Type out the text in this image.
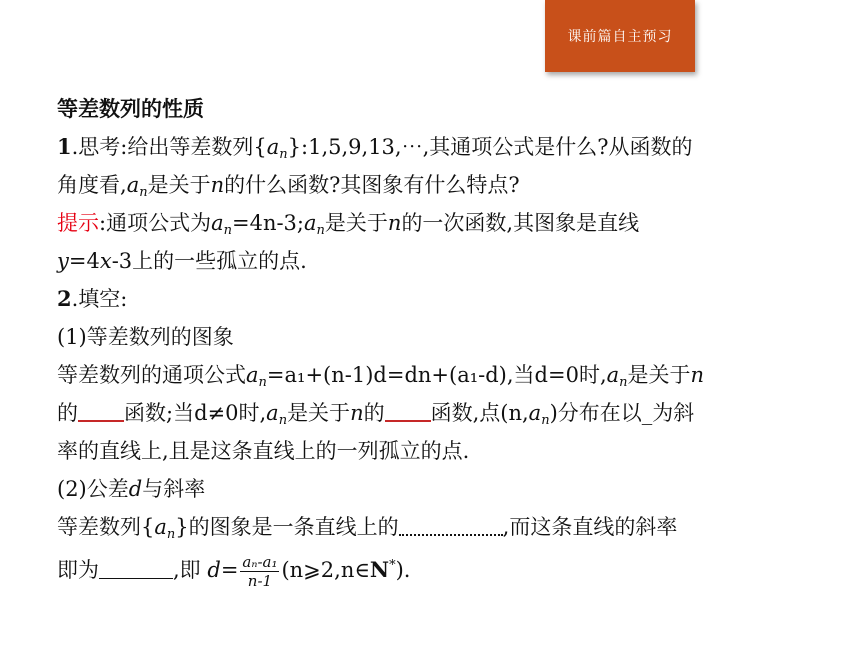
课前篇自主预习
等差数列的性质
1.思考:给出等差数列$\{a_n\}:1,5,9,13,\cdots$,其通项公式是什么?从函数的
角度看$,a_n$是关于n的什么函数?其图象有什么特点?
提示:通项公式为$a_n=4n-3;a_n$是关于n的一次函数,其图象是直线
y=4x-3上的一些孤立的点.
2.填空:
(1)等差数列的图象
等差数列的通项公式$a_n=a_1+(n-1)d=dn+(a_1-d)$,当d=0时$,a_n$是关于n
的 函数;当d≠0时$,a_n$是关于n的 函数,点$(n,a_n)$分布在以_为斜
率的直线上,且是这条直线上的一列孤立的点.
(2)公差d与斜率
等差数列$\{a_n\}$的图象是一条直线上的	,而这条直线的斜率
即为	,即 $d= \frac{\text{aₙ-a₁}}{n-1}$ (n⩾2,n∈N*).
